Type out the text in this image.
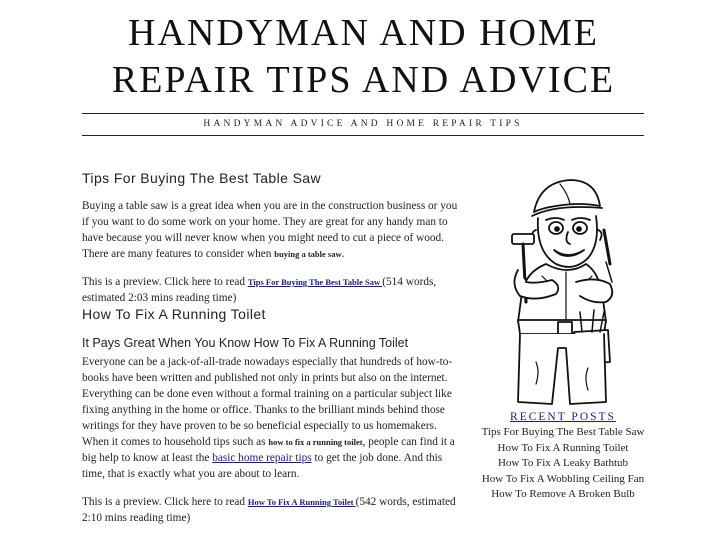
HANDYMAN AND HOME
REPAIR TIPS AND ADVICE
HANDYMAN ADVICE AND HOME REPAIR TIPS
Tips For Buying The Best Table Saw

Buying a table saw is a great idea when you are in the construction business or you if you want to do some work on your home. They are great for any handy man to have because you will never know when you might need to cut a piece of wood. There are many features to consider when buying a table saw.

This is a preview. Click here to read Tips For Buying The Best Table Saw (514 words, estimated 2:03 mins reading time)

How To Fix A Running Toilet
It Pays Great When You Know How To Fix A Running Toilet

Everyone can be a jack-of-all-trade nowadays especially that hundreds of how-to-books have been written and published not only in prints but also on the internet. Everything can be done even without a formal training on a particular subject like fixing anything in the home or office. Thanks to the brilliant minds behind those writings for they have proven to be so beneficial especially to us homemakers. When it comes to household tips such as how to fix a running toilet, people can find it a big help to know at least the basic home repair tips to get the job done. And this time, that is exactly what you are about to learn.

This is a preview. Click here to read How To Fix A Running Toilet (542 words, estimated 2:10 mins reading time)

RECENT POSTS
Tips For Buying The Best Table Saw
How To Fix A Running Toilet
How To Fix A Leaky Bathtub
How To Fix A Wobbling Ceiling Fan
How To Remove A Broken Bulb
